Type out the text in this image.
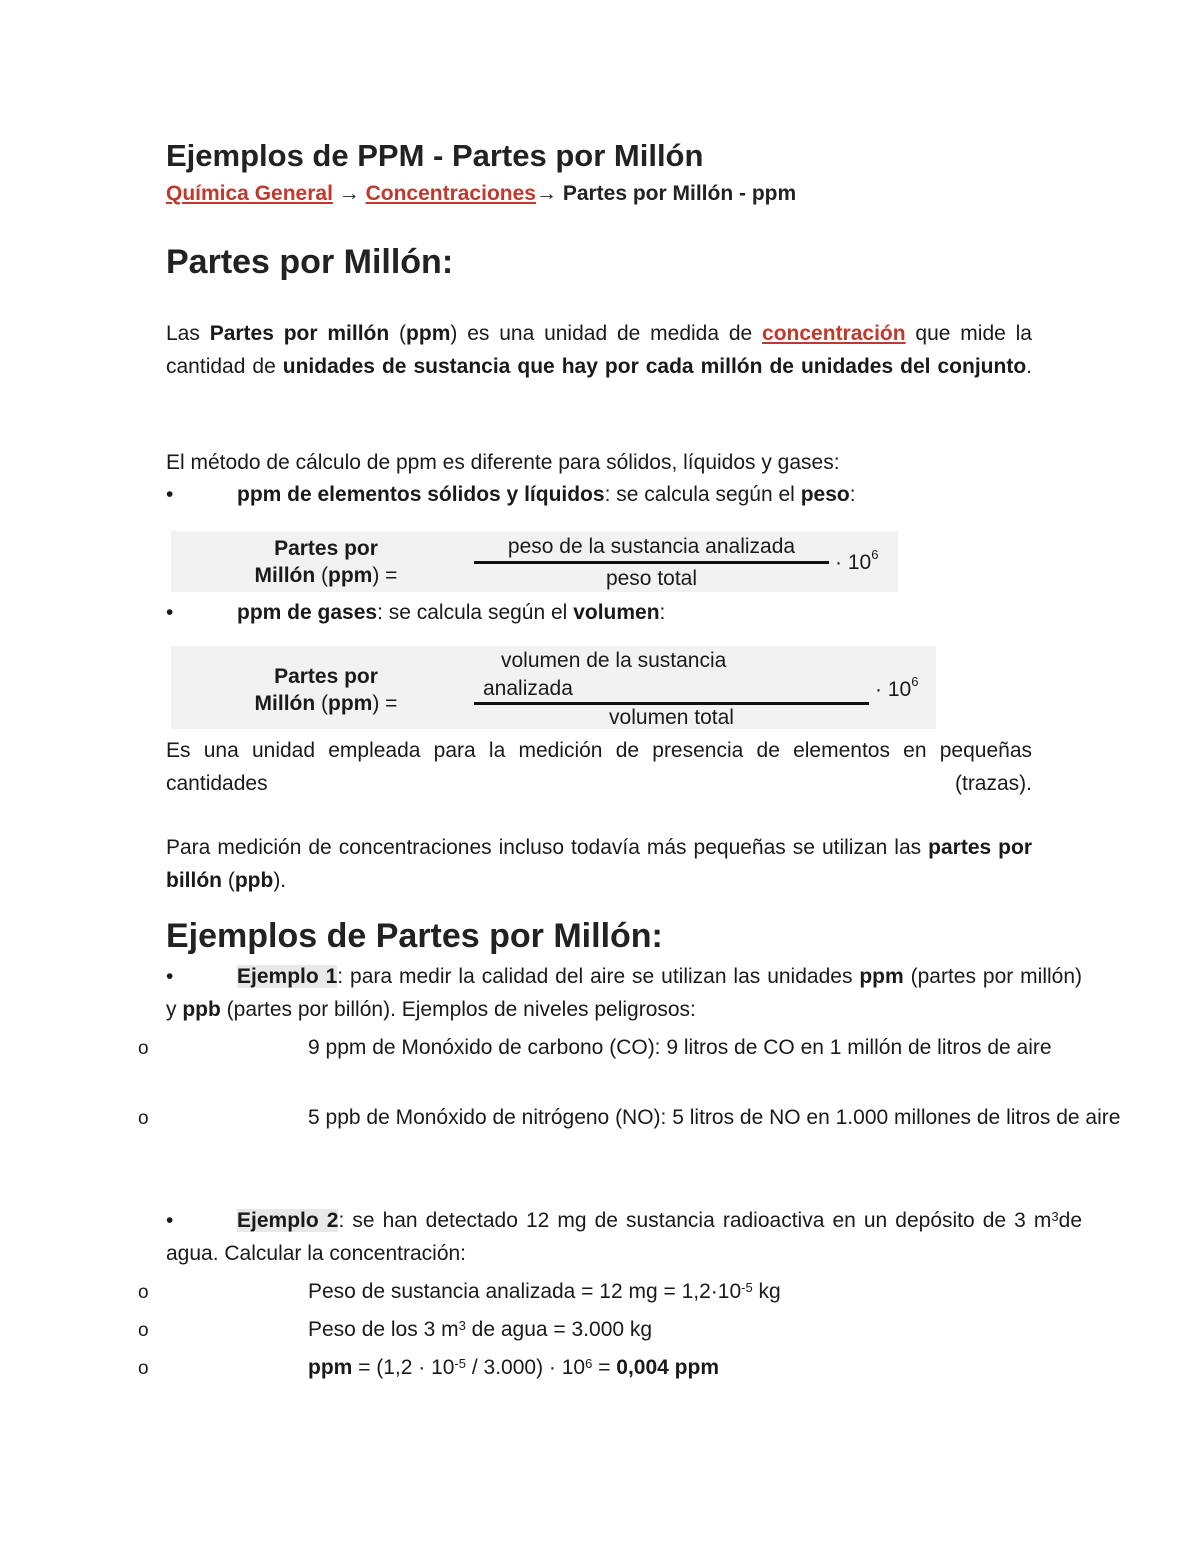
Ejemplos de PPM - Partes por Millón
Química General → Concentraciones→ Partes por Millón - ppm
Partes por Millón:
Las Partes por millón (ppm) es una unidad de medida de concentración que mide la cantidad de unidades de sustancia que hay por cada millón de unidades del conjunto.
El método de cálculo de ppm es diferente para sólidos, líquidos y gases:
•	ppm de elementos sólidos y líquidos: se calcula según el peso:
Partes por
Millón (ppm) =
peso de la sustancia analizada
peso total
· $10^6$
•	ppm de gases: se calcula según el volumen:
Partes por
Millón (ppm) =
volumen de la sustancia
analizada
volumen total
· $10^6$
Es una unidad empleada para la medición de presencia de elementos en pequeñas cantidades (trazas).
Para medición de concentraciones incluso todavía más pequeñas se utilizan las partes por billón (ppb).
Ejemplos de Partes por Millón:
•	Ejemplo 1: para medir la calidad del aire se utilizan las unidades ppm (partes por millón) y ppb (partes por billón). Ejemplos de niveles peligrosos:
o	9 ppm de Monóxido de carbono (CO): 9 litros de CO en 1 millón de litros de aire
o	5 ppb de Monóxido de nitrógeno (NO): 5 litros de NO en 1.000 millones de litros de aire
•	Ejemplo 2: se han detectado 12 mg de sustancia radioactiva en un depósito de 3 $m^3de$ agua. Calcular la concentración:
o	Peso de sustancia analizada = 12 mg = $1,2\cdot 10^{-5}$ kg
o	Peso de los 3 $m^3$ de agua = 3.000 kg
o	ppm = $(1,2 \cdot 10^{-5} / 3.000) \cdot 10^6 = 0,004$ ppm
